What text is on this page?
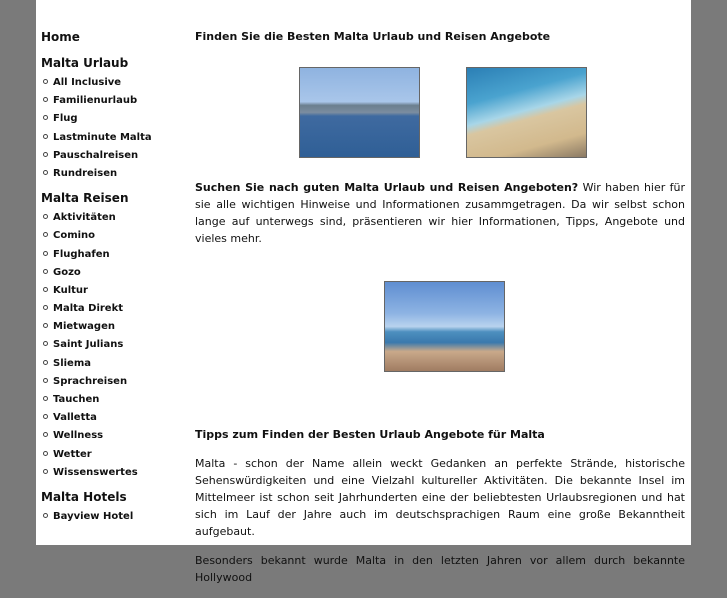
Home
Malta Urlaub
All Inclusive
Familienurlaub
Flug
Lastminute Malta
Pauschalreisen
Rundreisen
Malta Reisen
Aktivitäten
Comino
Flughafen
Gozo
Kultur
Malta Direkt
Mietwagen
Saint Julians
Sliema
Sprachreisen
Tauchen
Valletta
Wellness
Wetter
Wissenswertes
Malta Hotels
Bayview Hotel
Finden Sie die Besten Malta Urlaub und Reisen Angebote

Suchen Sie nach guten Malta Urlaub und Reisen Angeboten? Wir haben hier für sie alle wichtigen Hinweise und Informationen zusammgetragen. Da wir selbst schon lange auf unterwegs sind, präsentieren wir hier Informationen, Tipps, Angebote und vieles mehr.

Tipps zum Finden der Besten Urlaub Angebote für Malta

Malta - schon der Name allein weckt Gedanken an perfekte Strände, historische Sehenswürdigkeiten und eine Vielzahl kultureller Aktivitäten. Die bekannte Insel im Mittelmeer ist schon seit Jahrhunderten eine der beliebtesten Urlaubsregionen und hat sich im Lauf der Jahre auch im deutschsprachigen Raum eine große Bekanntheit aufgebaut.

Besonders bekannt wurde Malta in den letzten Jahren vor allem durch bekannte Hollywood
